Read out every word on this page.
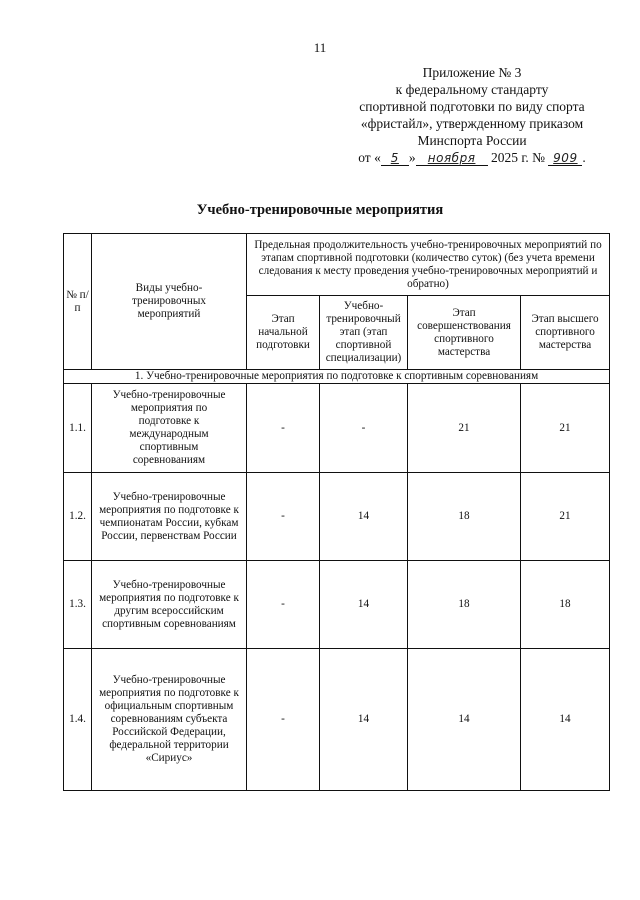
11
Приложение № 3
к федеральному стандарту
спортивной подготовки по виду спорта
«фристайл», утвержденному приказом
Минспорта России
от « 5 » ноября 2025 г. № 909 .
Учебно-тренировочные мероприятия
№ п/п	Виды учебно-тренировочных мероприятий	Предельная продолжительность учебно-тренировочных мероприятий по этапам спортивной подготовки (количество суток) (без учета времени следования к месту проведения учебно-тренировочных мероприятий и обратно)			
		Этап начальной подготовки	Учебно-тренировочный этап (этап спортивной специализации)	Этап совершенствования спортивного мастерства	Этап высшего спортивного мастерства
1. Учебно-тренировочные мероприятия по подготовке к спортивным соревнованиям					
1.1.	Учебно-тренировочные мероприятия по подготовке к международным спортивным соревнованиям	-	-	21	21
1.2.	Учебно-тренировочные мероприятия по подготовке к чемпионатам России, кубкам России, первенствам России	-	14	18	21
1.3.	Учебно-тренировочные мероприятия по подготовке к другим всероссийским спортивным соревнованиям	-	14	18	18
1.4.	Учебно-тренировочные мероприятия по подготовке к официальным спортивным соревнованиям субъекта Российской Федерации, федеральной территории «Сириус»	-	14	14	14
